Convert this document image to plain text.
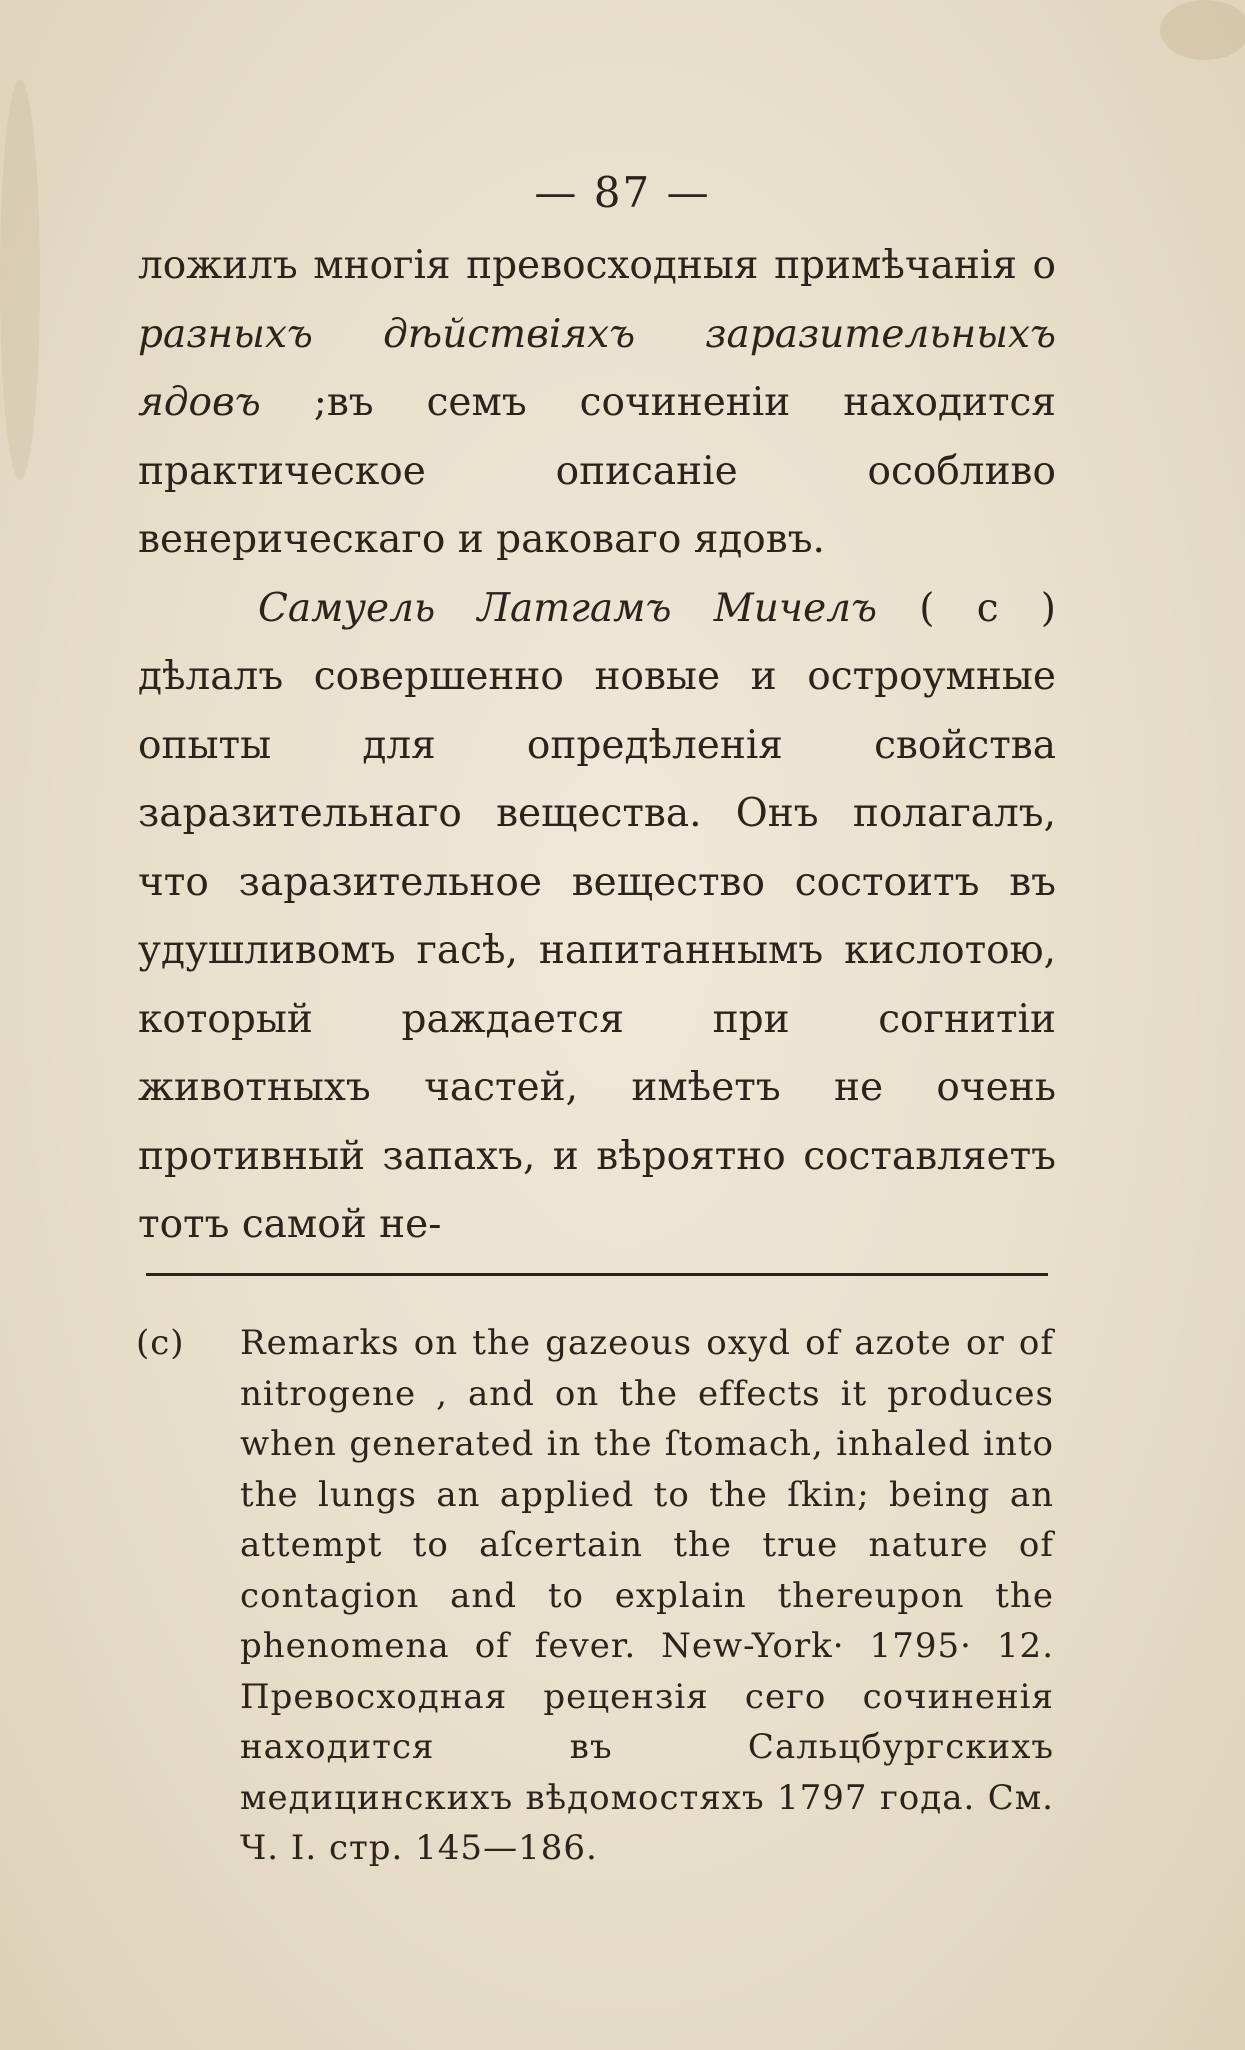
— 87 —

ложилъ многія превосходныя примѣчанія о разныхъ дѣйствіяхъ заразительныхъ ядовъ ;въ семъ сочиненіи находится практическое описаніе особливо венерическаго и раковаго ядовъ.

Самуель Латгамъ Мичелъ ( с ) дѣлалъ совершенно новые и остроумные опыты для опредѣленія свойства заразительнаго вещества. Онъ полагалъ, что заразительное вещество состоитъ въ удушливомъ гасѣ, напитаннымъ кислотою, который раждается при согнитіи животныхъ частей, имѣетъ не очень противный запахъ, и вѣроятно составляетъ тотъ самой не-

(с) Remarks on the gazeous oxyd of azote or of nitrogene , and on the effects it produces when generated in the ſtomach, inhaled into the lungs an applied to the ſkin; being an attempt to aſcertain the true nature of contagion and to explain thereupon the phenomena of fever. New-York· 1795· 12. Превосходная рецензія сего сочиненія находится въ Сальцбургскихъ медицинскихъ вѣдомостяхъ 1797 года. См. Ч. I. стр. 145—186.
